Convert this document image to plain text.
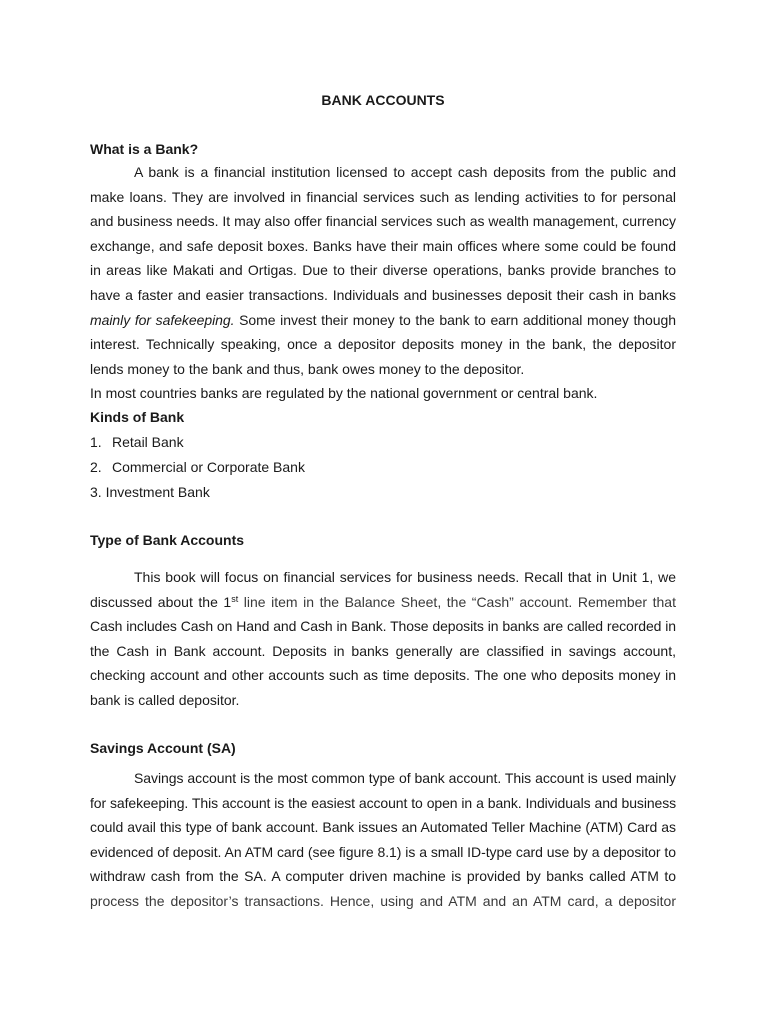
BANK ACCOUNTS
What is a Bank?
A bank is a financial institution licensed to accept cash deposits from the public and
make loans. They are involved in financial services such as lending activities to for personal
and business needs. It may also offer financial services such as wealth management, currency
exchange, and safe deposit boxes. Banks have their main offices where some could be found
in areas like Makati and Ortigas. Due to their diverse operations, banks provide branches to
have a faster and easier transactions. Individuals and businesses deposit their cash in banks
mainly for safekeeping. Some invest their money to the bank to earn additional money though
interest. Technically speaking, once a depositor deposits money in the bank, the depositor
lends money to the bank and thus, bank owes money to the depositor.
In most countries banks are regulated by the national government or central bank.
Kinds of Bank
1. Retail Bank
2. Commercial or Corporate Bank
3. Investment Bank
Type of Bank Accounts
This book will focus on financial services for business needs. Recall that in Unit 1, we
discussed about the 1st line item in the Balance Sheet, the “Cash” account. Remember that
Cash includes Cash on Hand and Cash in Bank. Those deposits in banks are called recorded in
the Cash in Bank account. Deposits in banks generally are classified in savings account,
checking account and other accounts such as time deposits. The one who deposits money in
bank is called depositor.
Savings Account (SA)
Savings account is the most common type of bank account. This account is used mainly
for safekeeping. This account is the easiest account to open in a bank. Individuals and business
could avail this type of bank account. Bank issues an Automated Teller Machine (ATM) Card as
evidenced of deposit. An ATM card (see figure 8.1) is a small ID-type card use by a depositor to
withdraw cash from the SA. A computer driven machine is provided by banks called ATM to
process the depositor’s transactions. Hence, using and ATM and an ATM card, a depositor
